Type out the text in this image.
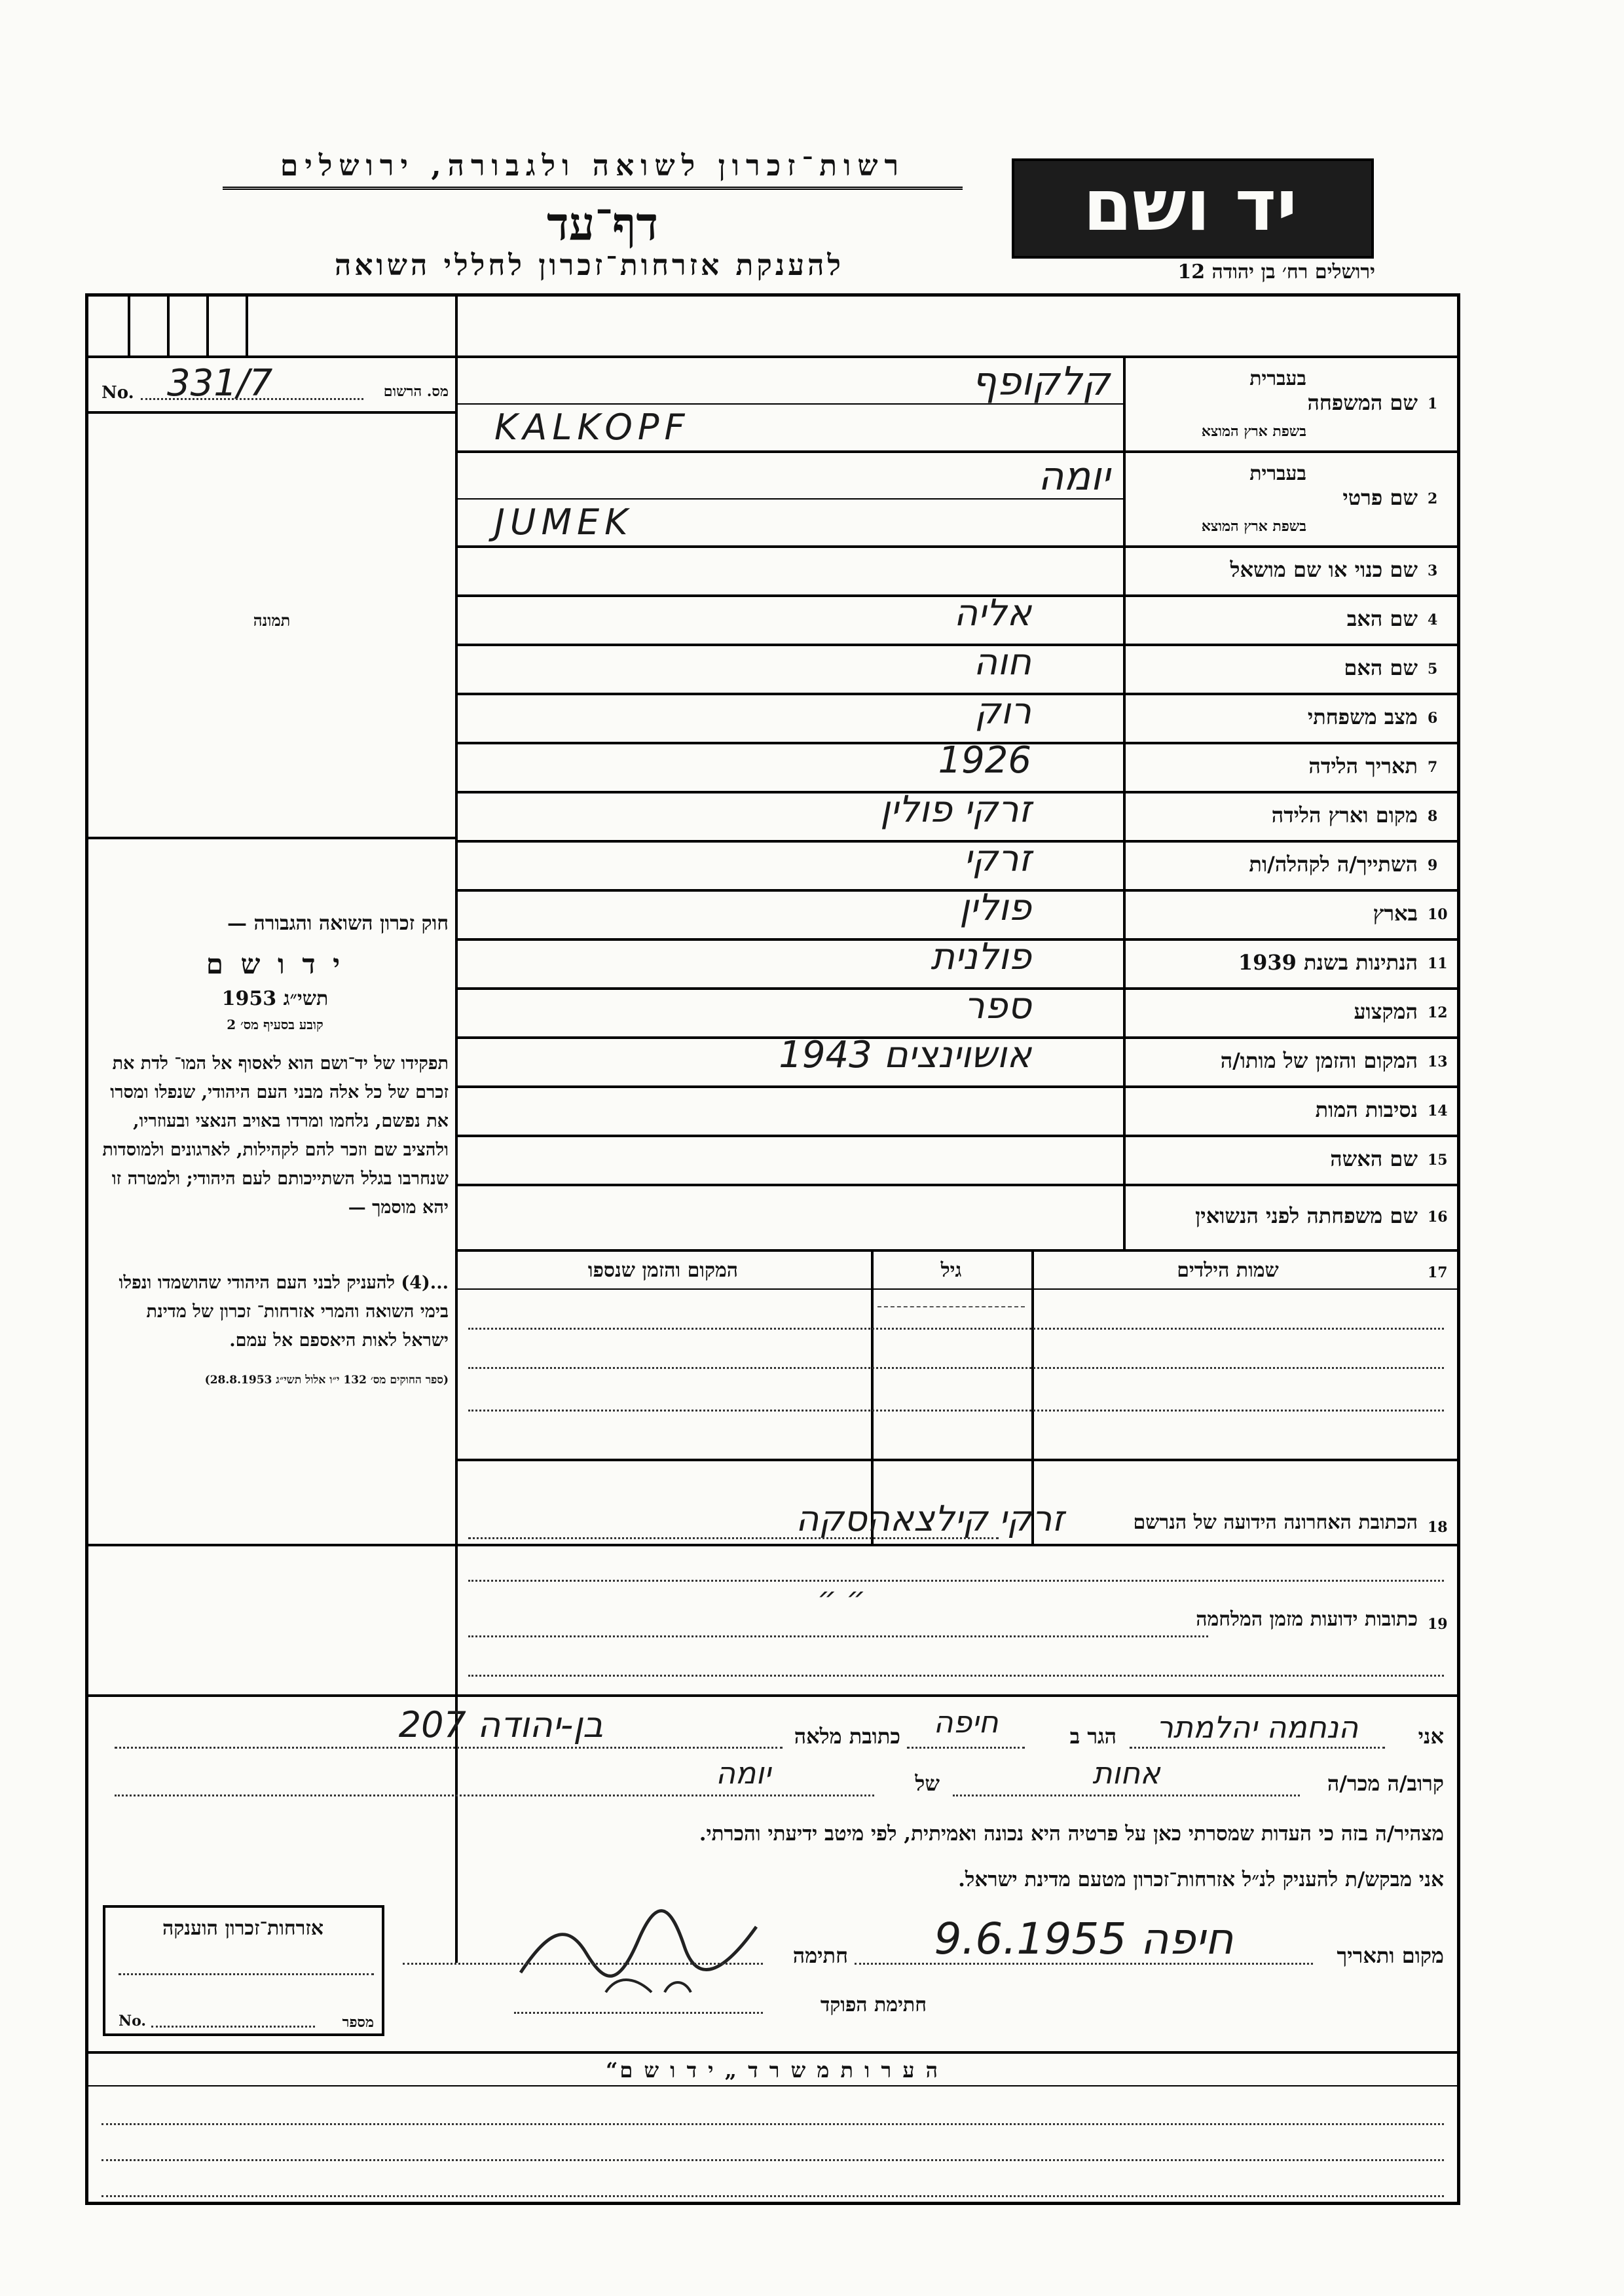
יד ושם
ירושלים רח׳ בן יהודה 12
רשות־זכרון לשואה ולגבורה, ירושלים
דף־עד
להענקת אזרחות־זכרון לחללי השואה
331/7
No.	מס. הרשום
תמונה
חוק זכרון השואה והגבורה —
י ד ו ש ם
תשי״ג 1953
קובע בסעיף מס׳ 2
תפקידו של יד־ושם הוא לאסוף אל המו־ לדת את זכרם של כל אלה מבני העם היהודי, שנפלו ומסרו את נפשם, נלחמו ומרדו באויב הנאצי ובעוזריו, ולהציב שם וזכר להם לקהילות, לארגונים ולמוסדות שנחרבו בגלל השתייכותם לעם היהודי; ולמטרה זו יהא מוסמך —
...(4) להעניק לבני העם היהודי שהושמדו ונפלו בימי השואה והמרי אזרחות־ זכרון של מדינת ישראל לאות היאספם אל עמם.
(ספר החוקים מס׳ 132 י״ו אלול תשי״ג 28.8.1953)
1
שם המשפחה
בעברית
בשפת ארץ המוצא
קלקופף
KALKOPF
2
שם פרטי
בעברית
בשפת ארץ המוצא
יומה
JUMEK
3
שם כנוי או שם מושאל
4
שם האב
אליה
5
שם האם
חוה
6
מצב משפחתי
רוק
7
תאריך הלידה
1926
8
מקום וארץ הלידה
זרקי פולין
9
השתייך/ה לקהלה/ות
זרקי
10
בארץ
פולין
11
הנתינות בשנת 1939
פולנית
12
המקצוע
ספר
13
המקום והזמן של מותו/ה
אושוינצים 1943
14
נסיבות המות
15
שם האשה
16
שם משפחתה לפני הנשואין
שמות הילדים	17
גיל
המקום והזמן שנספו
18
הכתובת האחרונה הידועה של הנרשם
זרקי קילצאהסקה
״ ״
19
כתובות ידועות מזמן המלחמה
אני
הנחמה יהלמתר
הגר ב
חיפה
כתובת מלאה
בן-יהודה 207
קרוב/ה מכר/ה
אחות
של
יומה
מצהיר/ה בזה כי העדות שמסרתי כאן על פרטיה היא נכונה ואמיתית, לפי מיטב ידיעתי והכרתי.
אני מבקש/ת להעניק לנ״ל אזרחות־זכרון מטעם מדינת ישראל.
אזרחות־זכרון הוענקה
No.	מספר
מקום ותאריך
חיפה 9.6.1955
חתימה
חתימת הפוקד
ה ע ר ו ת מ ש ר ד „ י ד ו ש ם“
